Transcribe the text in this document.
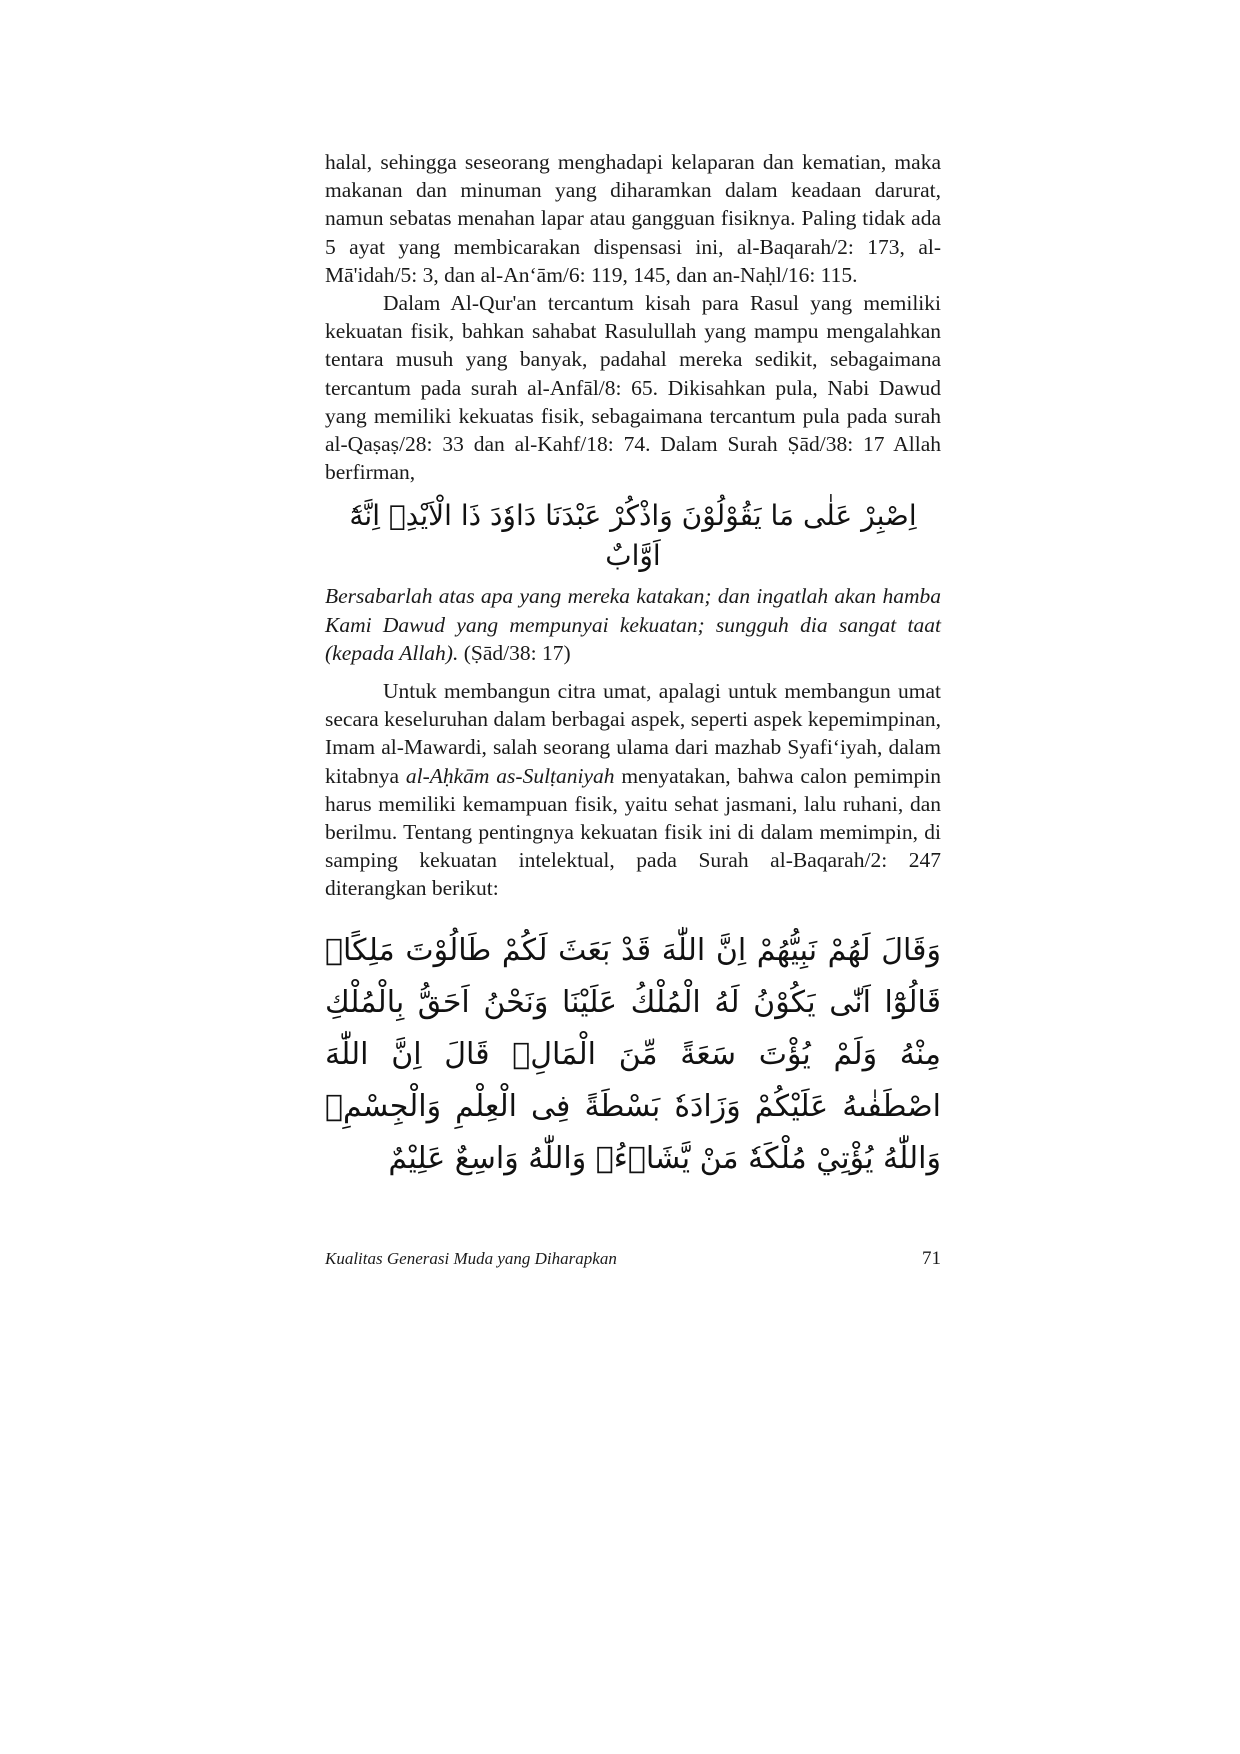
halal, sehingga seseorang menghadapi kelaparan dan kematian, maka makanan dan minuman yang diharamkan dalam keadaan darurat, namun sebatas menahan lapar atau gangguan fisiknya. Paling tidak ada 5 ayat yang membicarakan dispensasi ini, al-Baqarah/2: 173, al-Mā'idah/5: 3, dan al-An‘ām/6: 119, 145, dan an-Naḥl/16: 115.

Dalam Al-Qur'an tercantum kisah para Rasul yang memiliki kekuatan fisik, bahkan sahabat Rasulullah yang mampu mengalahkan tentara musuh yang banyak, padahal mereka sedikit, sebagaimana tercantum pada surah al-Anfāl/8: 65. Dikisahkan pula, Nabi Dawud yang memiliki kekuatas fisik, sebagaimana tercantum pula pada surah al-Qaṣaṣ/28: 33 dan al-Kahf/18: 74. Dalam Surah Ṣād/38: 17 Allah berfirman,

اِصْبِرْ عَلٰى مَا يَقُوْلُوْنَ وَاذْكُرْ عَبْدَنَا دَاوٗدَ ذَا الْاَيْدِۚ اِنَّهٗٓ اَوَّابٌ

Bersabarlah atas apa yang mereka katakan; dan ingatlah akan hamba Kami Dawud yang mempunyai kekuatan; sungguh dia sangat taat (kepada Allah). (Ṣād/38: 17)

Untuk membangun citra umat, apalagi untuk membangun umat secara keseluruhan dalam berbagai aspek, seperti aspek kepemimpinan, Imam al-Mawardi, salah seorang ulama dari mazhab Syafi‘iyah, dalam kitabnya al-Aḥkām as-Sulṭaniyah menyatakan, bahwa calon pemimpin harus memiliki kemampuan fisik, yaitu sehat jasmani, lalu ruhani, dan berilmu. Tentang pentingnya kekuatan fisik ini di dalam memimpin, di samping kekuatan intelektual, pada Surah al-Baqarah/2: 247 diterangkan berikut:

وَقَالَ لَهُمْ نَبِيُّهُمْ اِنَّ اللّٰهَ قَدْ بَعَثَ لَكُمْ طَالُوْتَ مَلِكًاۗ قَالُوْٓا اَنّٰى يَكُوْنُ لَهُ الْمُلْكُ عَلَيْنَا وَنَحْنُ اَحَقُّ بِالْمُلْكِ مِنْهُ وَلَمْ يُؤْتَ سَعَةً مِّنَ الْمَالِۗ قَالَ اِنَّ اللّٰهَ اصْطَفٰىهُ عَلَيْكُمْ وَزَادَهٗ بَسْطَةً فِى الْعِلْمِ وَالْجِسْمِۗ وَاللّٰهُ يُؤْتِيْ مُلْكَهٗ مَنْ يَّشَاۤءُۗ وَاللّٰهُ وَاسِعٌ عَلِيْمٌ
Kualitas Generasi Muda yang Diharapkan	71
